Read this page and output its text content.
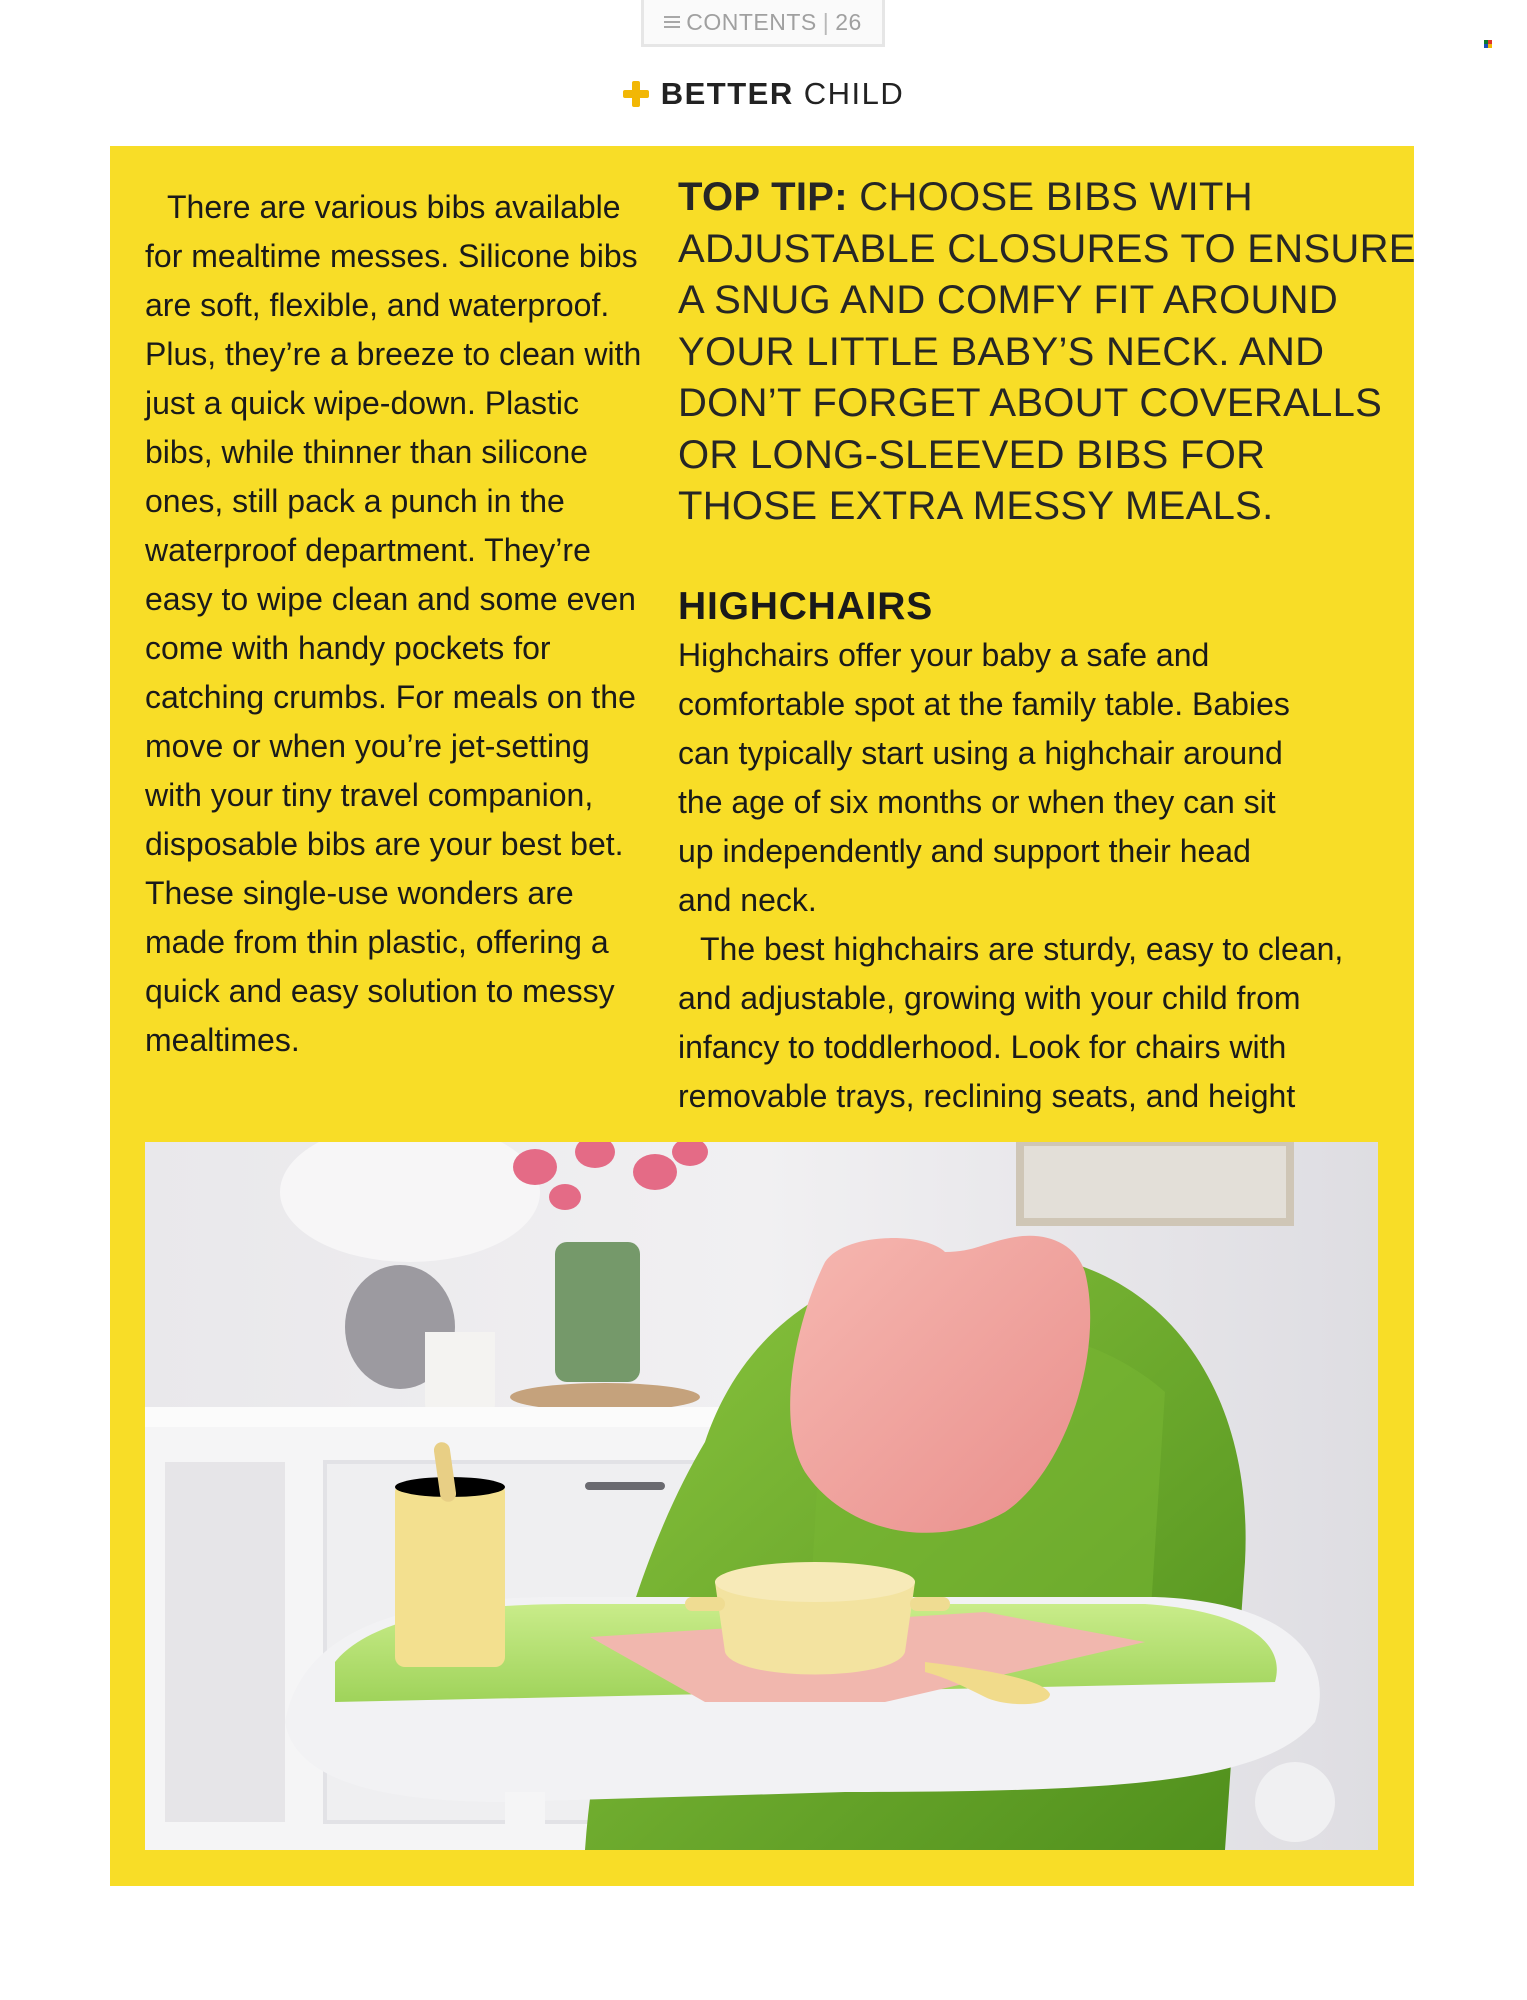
CONTENTS | 26
BETTER CHILD

There are various bibs available for mealtime messes. Silicone bibs are soft, flexible, and waterproof. Plus, they’re a breeze to clean with just a quick wipe-down. Plastic bibs, while thinner than silicone ones, still pack a punch in the waterproof department. They’re easy to wipe clean and some even come with handy pockets for catching crumbs. For meals on the move or when you’re jet-setting with your tiny travel companion, disposable bibs are your best bet. These single-use wonders are made from thin plastic, offering a quick and easy solution to messy mealtimes.

TOP TIP: CHOOSE BIBS WITH
ADJUSTABLE CLOSURES TO ENSURE
A SNUG AND COMFY FIT AROUND
YOUR LITTLE BABY’S NECK. AND
DON’T FORGET ABOUT COVERALLS
OR LONG-SLEEVED BIBS FOR
THOSE EXTRA MESSY MEALS.
HIGHCHAIRS
Highchairs offer your baby a safe and
comfortable spot at the family table. Babies
can typically start using a highchair around
the age of six months or when they can sit
up independently and support their head
and neck.
The best highchairs are sturdy, easy to clean,
and adjustable, growing with your child from
infancy to toddlerhood. Look for chairs with
removable trays, reclining seats, and height
